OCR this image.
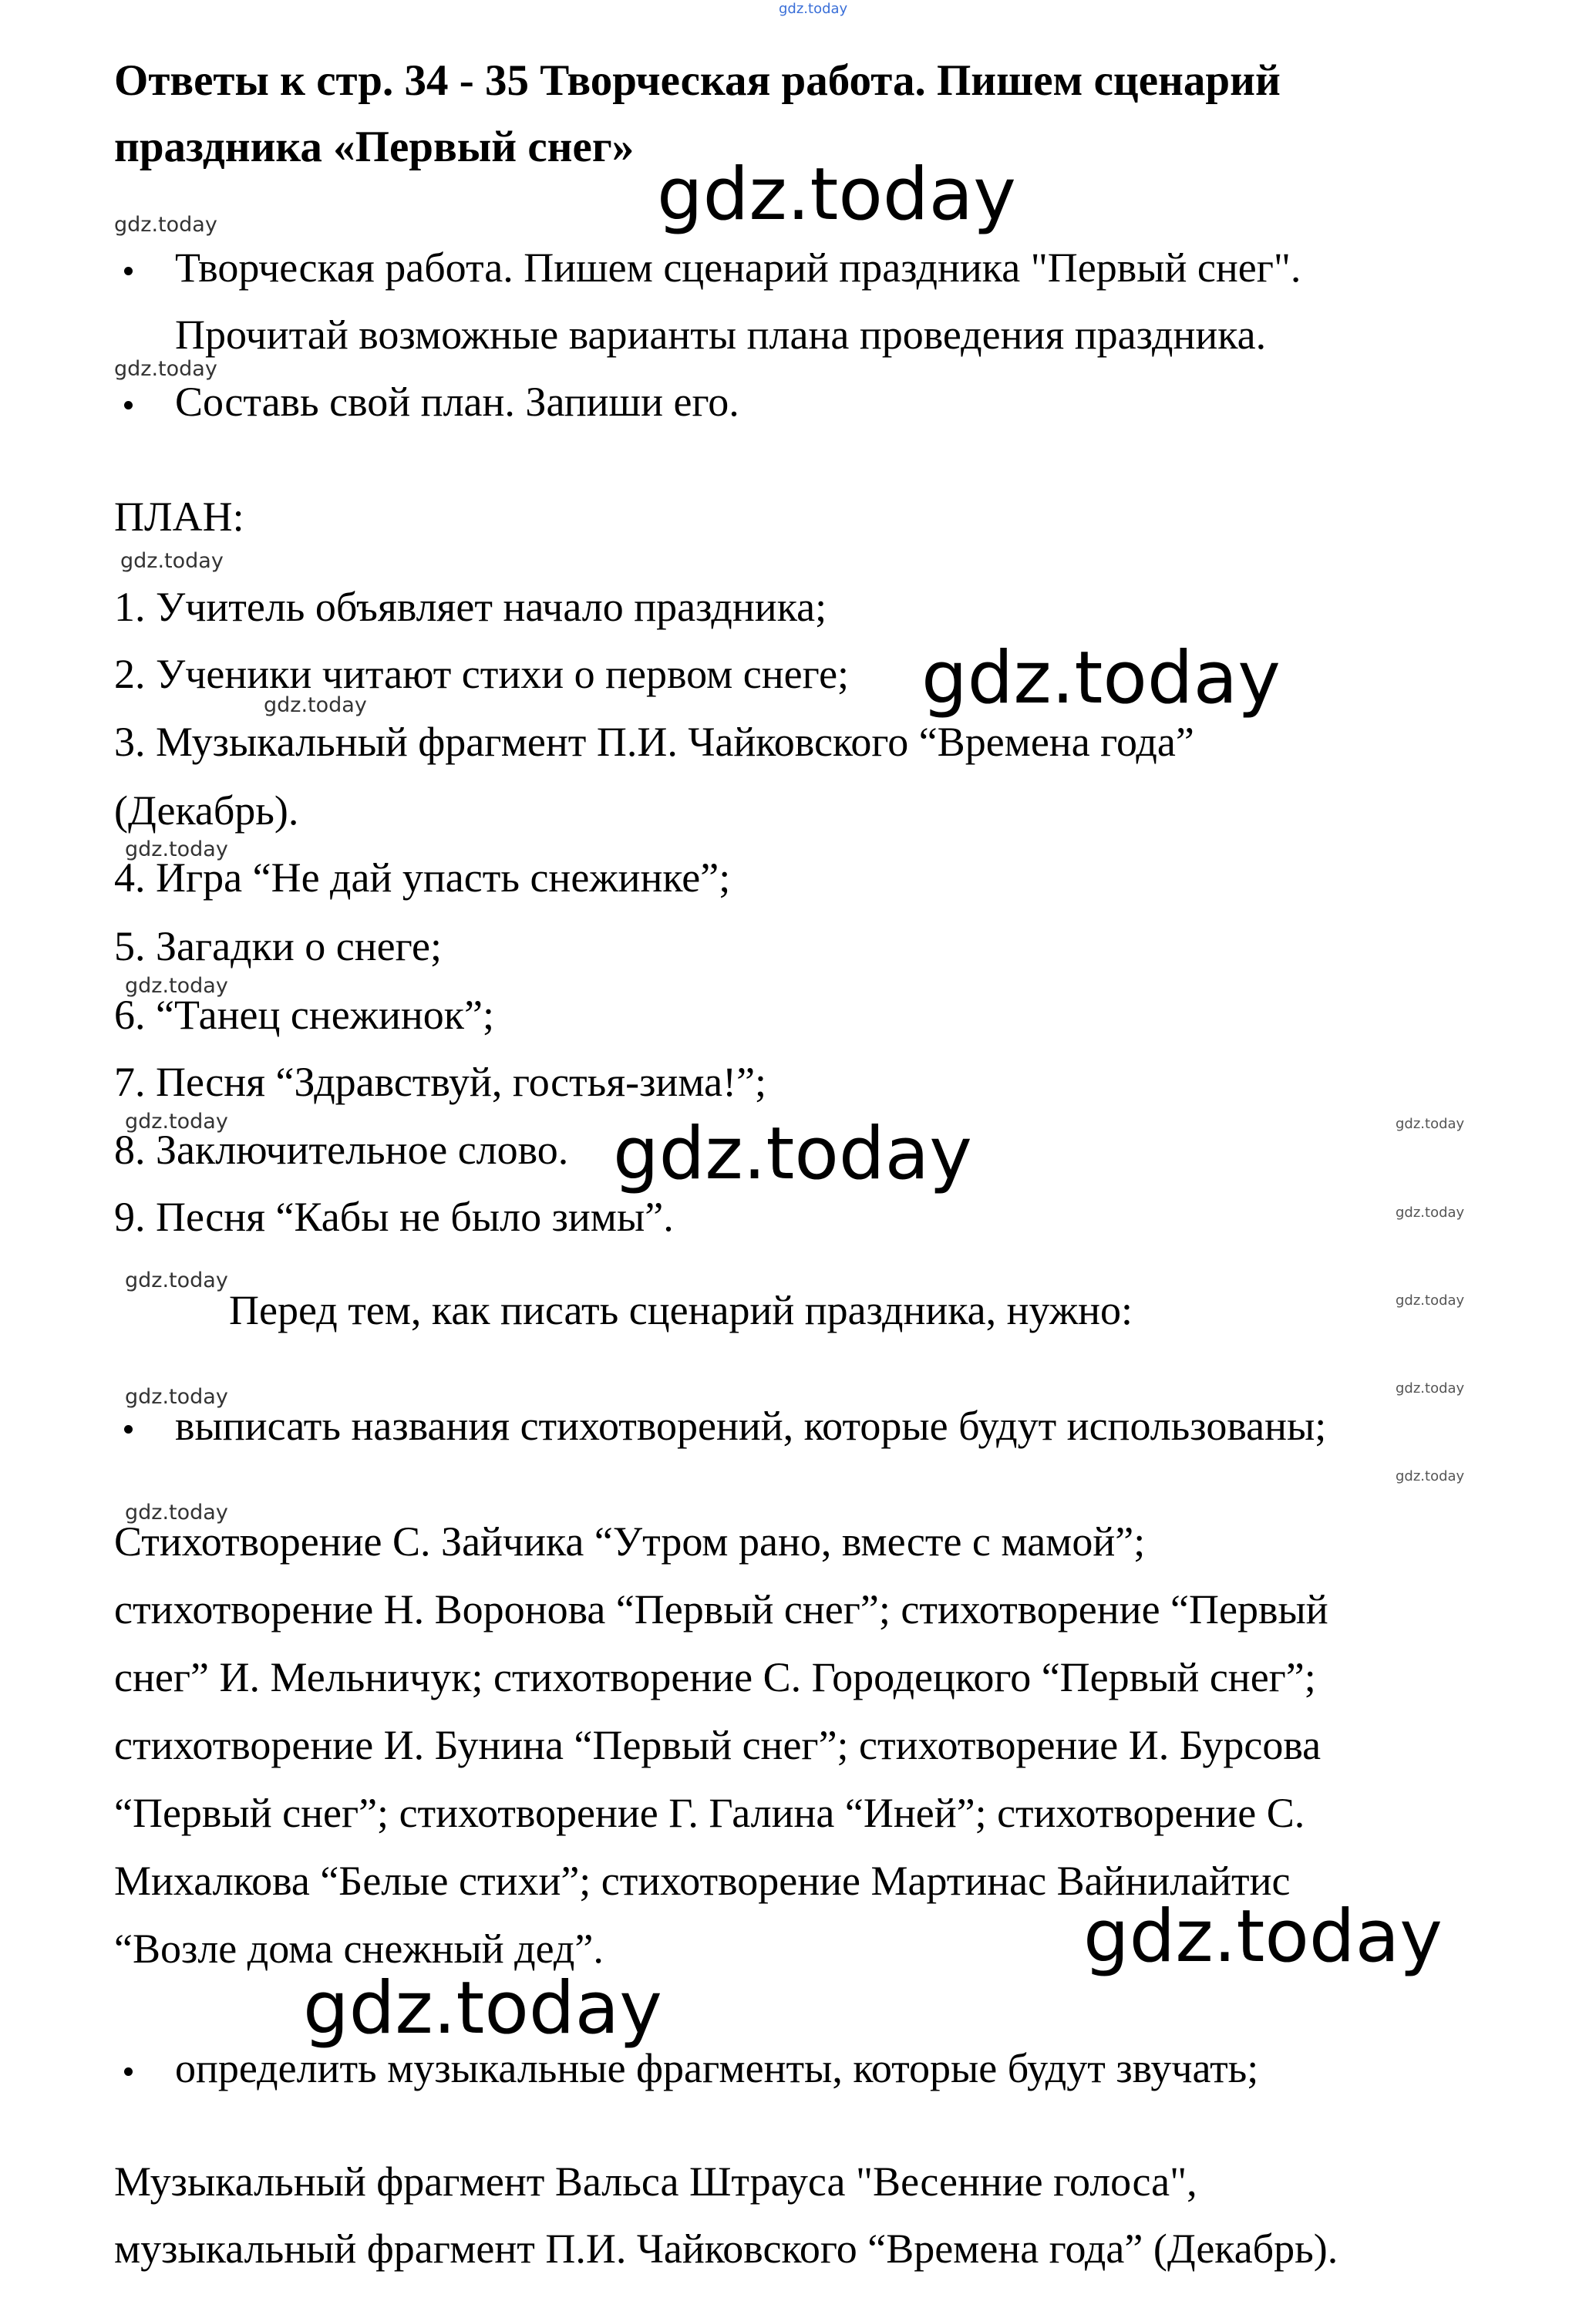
gdz.today
Ответы к стр. 34 - 35 Творческая работа. Пишем сценарий
праздника «Первый снег»
gdz.today
gdz.today
Творческая работа. Пишем сценарий праздника "Первый снег".
Прочитай возможные варианты плана проведения праздника.
gdz.today
Составь свой план. Запиши его.
ПЛАН:
gdz.today
1. Учитель объявляет начало праздника;
2. Ученики читают стихи о первом снеге; gdz.today
gdz.today
3. Музыкальный фрагмент П.И. Чайковского “Времена года”
(Декабрь).
gdz.today
4. Игра “Не дай упасть снежинке”;
5. Загадки о снеге;
gdz.today
6. “Танец снежинок”;
7. Песня “Здравствуй, гостья-зима!”;
gdz.today
8. Заключительное слово. gdz.today
9. Песня “Кабы не было зимы”.
gdz.today
gdz.today
gdz.today
gdz.today
gdz.today
gdz.today
Перед тем, как писать сценарий праздника, нужно:
gdz.today
выписать названия стихотворений, которые будут использованы;
gdz.today
Стихотворение С. Зайчика “Утром рано, вместе с мамой”;
стихотворение Н. Воронова “Первый снег”; стихотворение “Первый
снег” И. Мельничук; стихотворение С. Городецкого “Первый снег”;
стихотворение И. Бунина “Первый снег”; стихотворение И. Бурсова
“Первый снег”; стихотворение Г. Галина “Иней”; стихотворение С.
Михалкова “Белые стихи”; стихотворение Мартинас Вайнилайтис
“Возле дома снежный дед”.	gdz.today
gdz.today
определить музыкальные фрагменты, которые будут звучать;
Музыкальный фрагмент Вальса Штрауса "Весенние голоса",
музыкальный фрагмент П.И. Чайковского “Времена года” (Декабрь).
